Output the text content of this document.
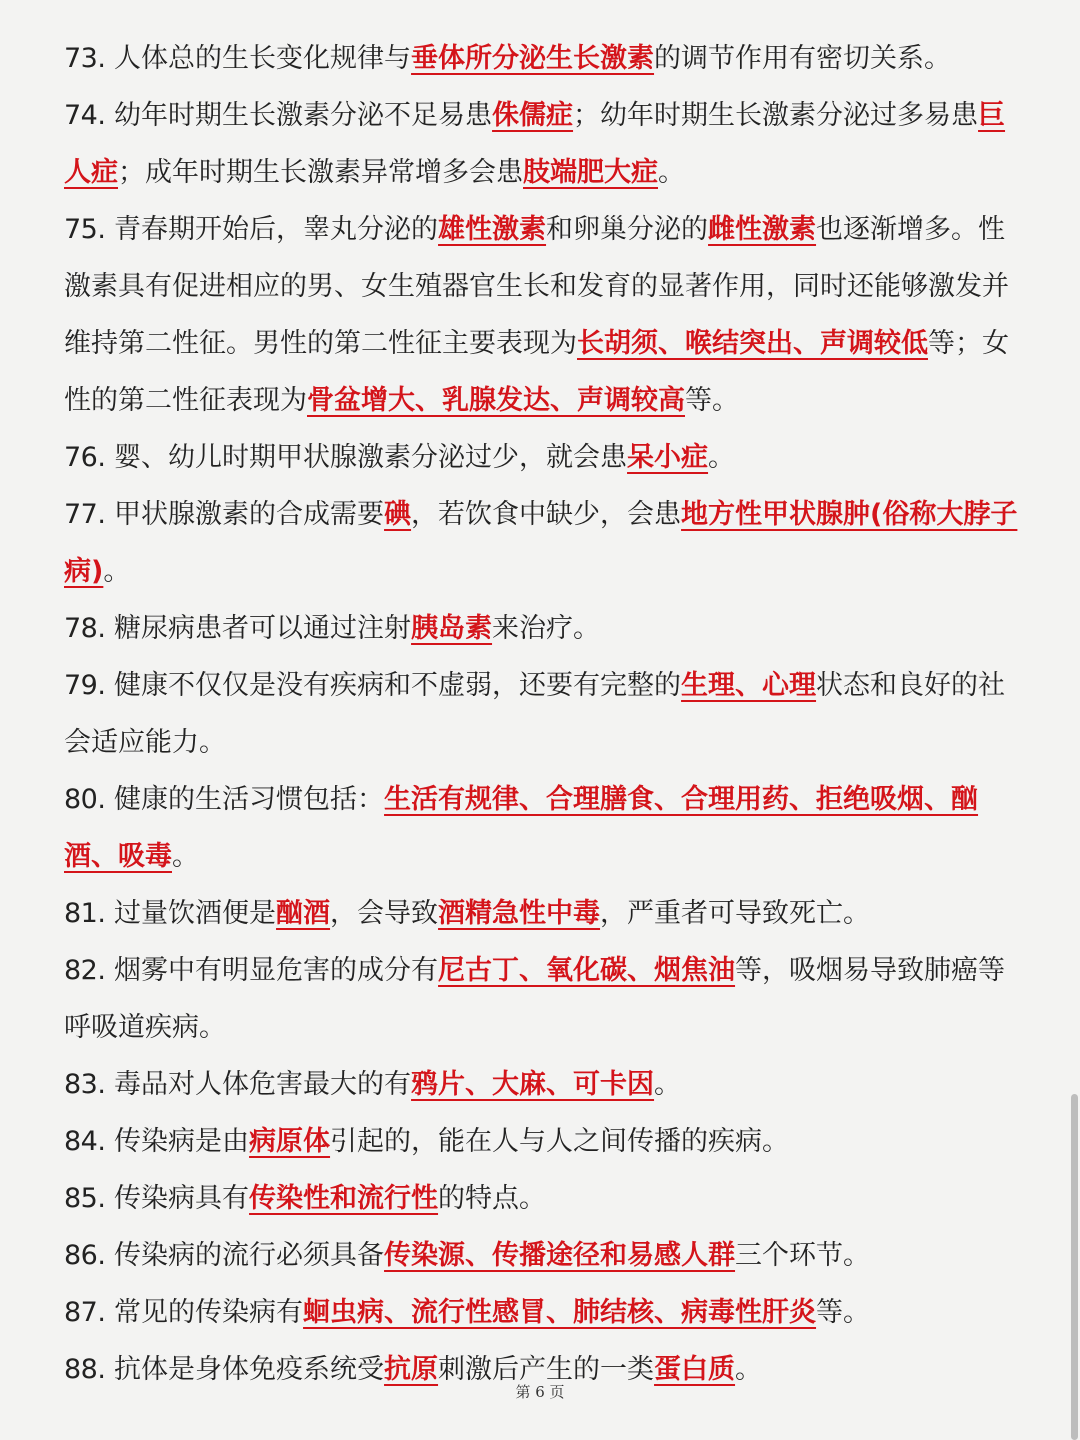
73. 人体总的生长变化规律与垂体所分泌生长激素的调节作用有密切关系。
74. 幼年时期生长激素分泌不足易患侏儒症；幼年时期生长激素分泌过多易患巨人症；成年时期生长激素异常增多会患肢端肥大症。
75. 青春期开始后，睾丸分泌的雄性激素和卵巢分泌的雌性激素也逐渐增多。性激素具有促进相应的男、女生殖器官生长和发育的显著作用，同时还能够激发并维持第二性征。男性的第二性征主要表现为长胡须、喉结突出、声调较低等；女性的第二性征表现为骨盆增大、乳腺发达、声调较高等。
76. 婴、幼儿时期甲状腺激素分泌过少，就会患呆小症。
77. 甲状腺激素的合成需要碘，若饮食中缺少，会患地方性甲状腺肿(俗称大脖子病)。
78. 糖尿病患者可以通过注射胰岛素来治疗。
79. 健康不仅仅是没有疾病和不虚弱，还要有完整的生理、心理状态和良好的社会适应能力。
80. 健康的生活习惯包括：生活有规律、合理膳食、合理用药、拒绝吸烟、酗酒、吸毒。
81. 过量饮酒便是酗酒，会导致酒精急性中毒，严重者可导致死亡。
82. 烟雾中有明显危害的成分有尼古丁、氧化碳、烟焦油等，吸烟易导致肺癌等呼吸道疾病。
83. 毒品对人体危害最大的有鸦片、大麻、可卡因。
84. 传染病是由病原体引起的，能在人与人之间传播的疾病。
85. 传染病具有传染性和流行性的特点。
86. 传染病的流行必须具备传染源、传播途径和易感人群三个环节。
87. 常见的传染病有蛔虫病、流行性感冒、肺结核、病毒性肝炎等。
88. 抗体是身体免疫系统受抗原刺激后产生的一类蛋白质。
第 6 页
